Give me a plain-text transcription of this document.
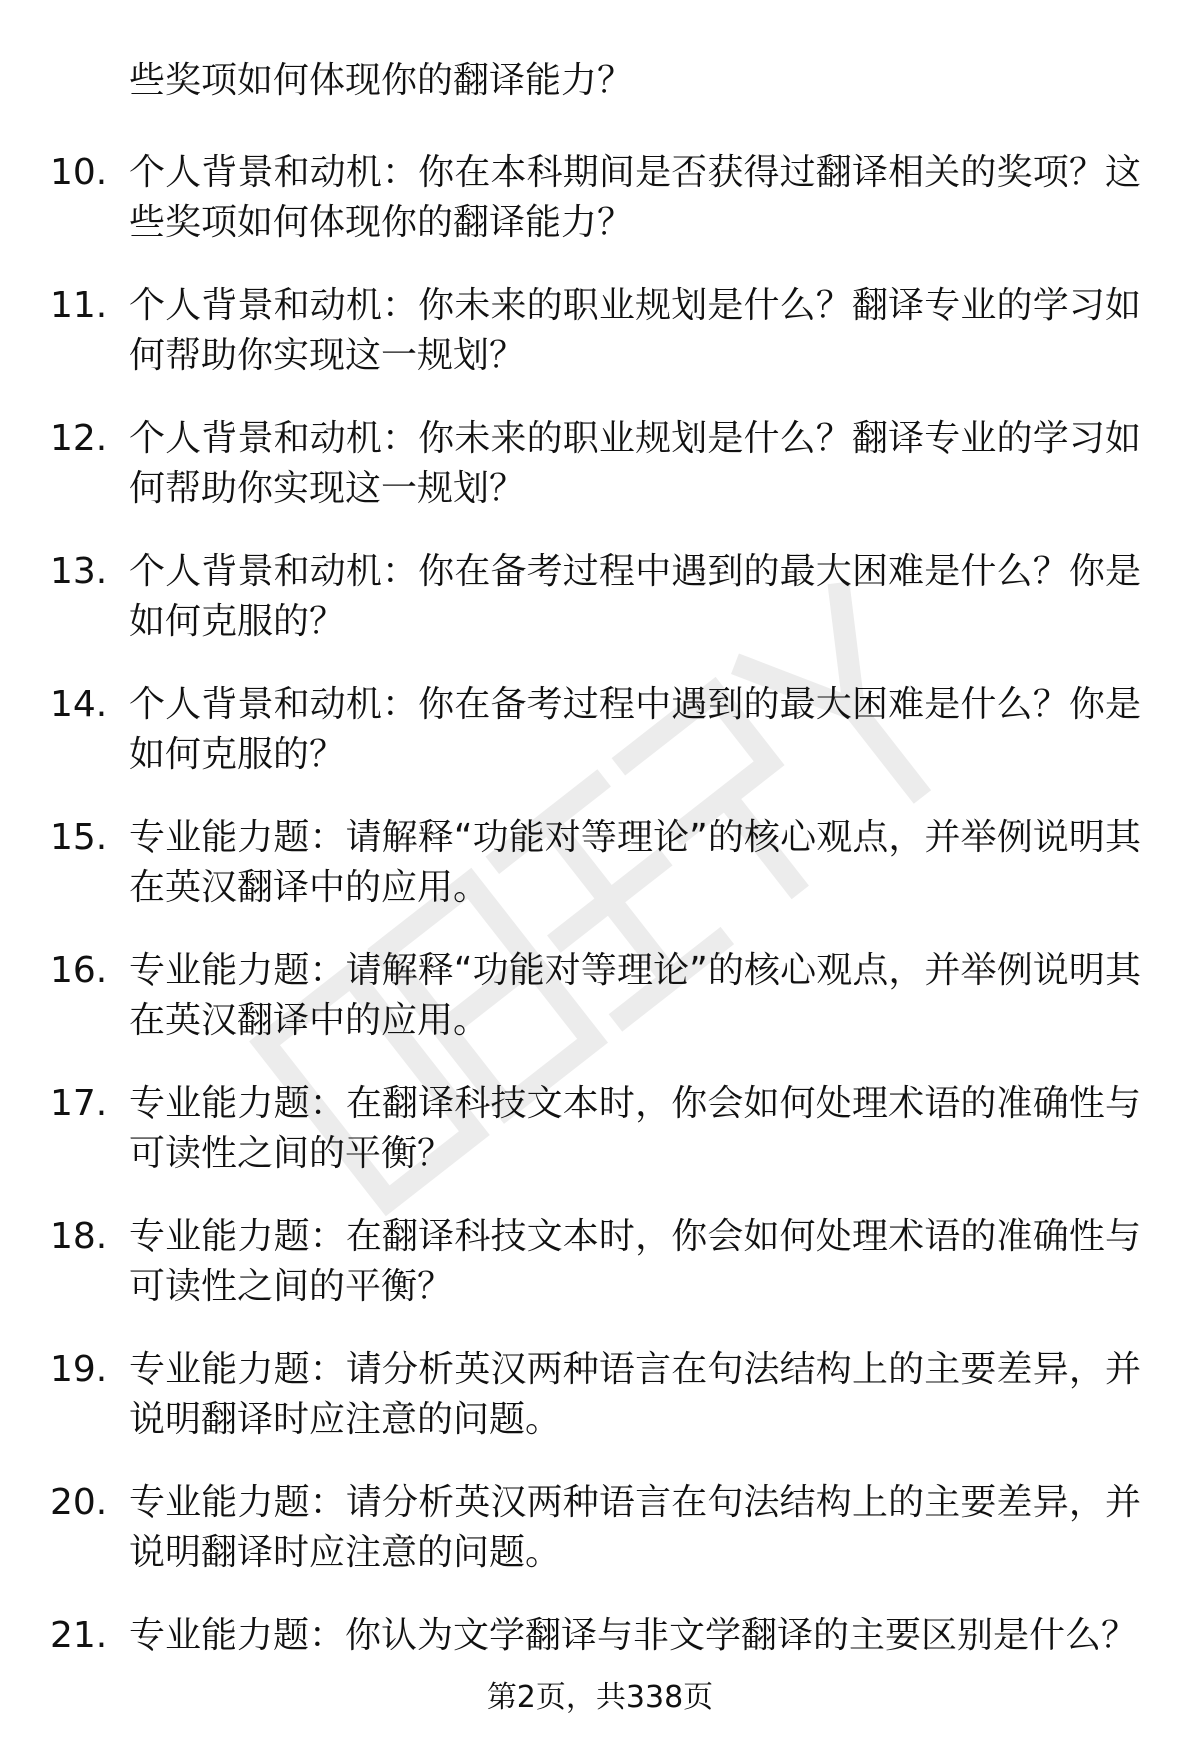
些奖项如何体现你的翻译能力？

10. 个人背景和动机：你在本科期间是否获得过翻译相关的奖项？这些奖项如何体现你的翻译能力？
11. 个人背景和动机：你未来的职业规划是什么？翻译专业的学习如何帮助你实现这一规划？
12. 个人背景和动机：你未来的职业规划是什么？翻译专业的学习如何帮助你实现这一规划？
13. 个人背景和动机：你在备考过程中遇到的最大困难是什么？你是如何克服的？
14. 个人背景和动机：你在备考过程中遇到的最大困难是什么？你是如何克服的？
15. 专业能力题：请解释“功能对等理论”的核心观点，并举例说明其在英汉翻译中的应用。
16. 专业能力题：请解释“功能对等理论”的核心观点，并举例说明其在英汉翻译中的应用。
17. 专业能力题：在翻译科技文本时，你会如何处理术语的准确性与可读性之间的平衡？
18. 专业能力题：在翻译科技文本时，你会如何处理术语的准确性与可读性之间的平衡？
19. 专业能力题：请分析英汉两种语言在句法结构上的主要差异，并说明翻译时应注意的问题。
20. 专业能力题：请分析英汉两种语言在句法结构上的主要差异，并说明翻译时应注意的问题。
21. 专业能力题：你认为文学翻译与非文学翻译的主要区别是什么？
第2页，共338页
